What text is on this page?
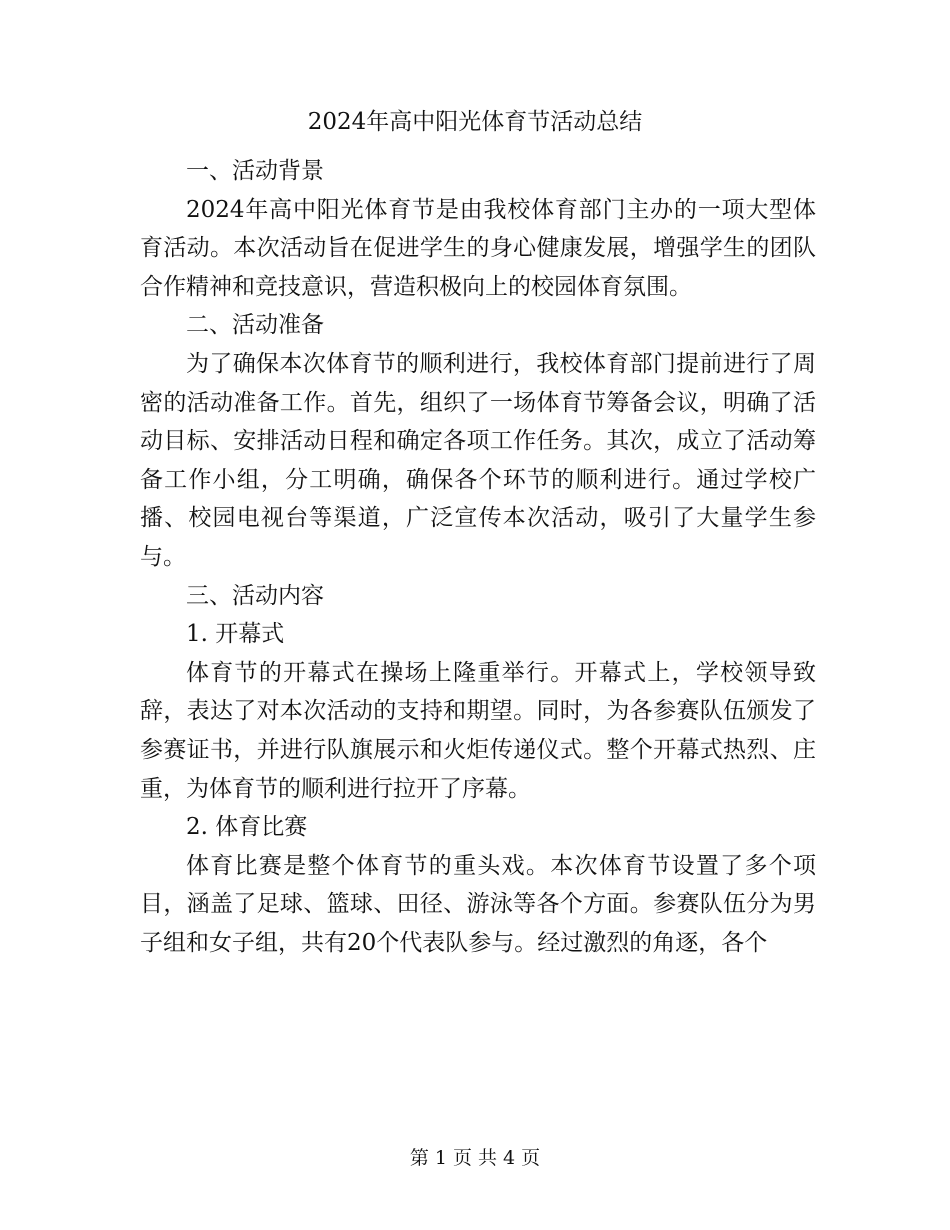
2024年高中阳光体育节活动总结

一、活动背景

2024年高中阳光体育节是由我校体育部门主办的一项大型体育活动。本次活动旨在促进学生的身心健康发展，增强学生的团队合作精神和竞技意识，营造积极向上的校园体育氛围。

二、活动准备

为了确保本次体育节的顺利进行，我校体育部门提前进行了周密的活动准备工作。首先，组织了一场体育节筹备会议，明确了活动目标、安排活动日程和确定各项工作任务。其次，成立了活动筹备工作小组，分工明确，确保各个环节的顺利进行。通过学校广播、校园电视台等渠道，广泛宣传本次活动，吸引了大量学生参与。

三、活动内容

1. 开幕式

体育节的开幕式在操场上隆重举行。开幕式上，学校领导致辞，表达了对本次活动的支持和期望。同时，为各参赛队伍颁发了参赛证书，并进行队旗展示和火炬传递仪式。整个开幕式热烈、庄重，为体育节的顺利进行拉开了序幕。

2. 体育比赛

体育比赛是整个体育节的重头戏。本次体育节设置了多个项目，涵盖了足球、篮球、田径、游泳等各个方面。参赛队伍分为男子组和女子组，共有20个代表队参与。经过激烈的角逐，各个

第 1 页 共 4 页
